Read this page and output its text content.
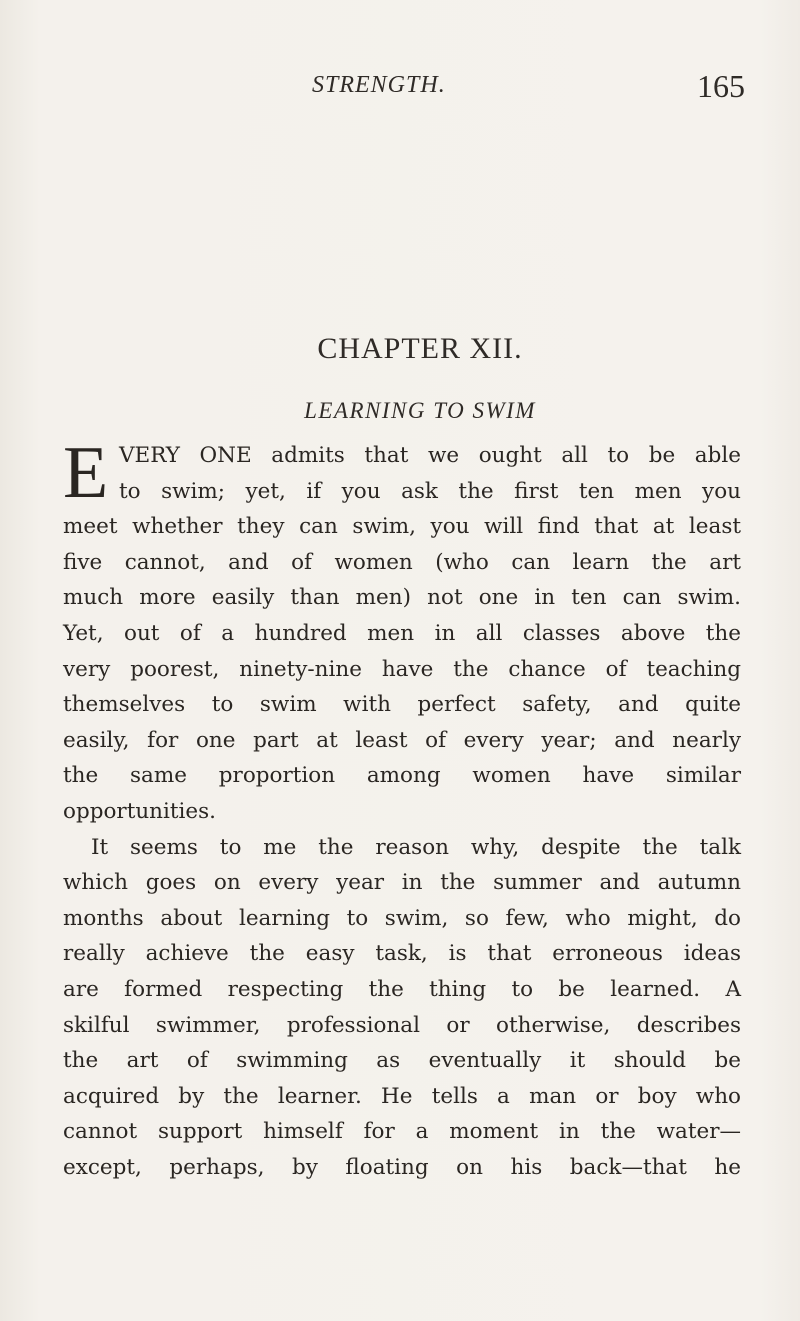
STRENGTH.	165
CHAPTER XII.
LEARNING TO SWIM
E VERY ONE admits that we ought all to be able
to swim; yet, if you ask the first ten men you
meet whether they can swim, you will find that at least
five cannot, and of women (who can learn the art
much more easily than men) not one in ten can swim.
Yet, out of a hundred men in all classes above the
very poorest, ninety-nine have the chance of teaching
themselves to swim with perfect safety, and quite
easily, for one part at least of every year; and nearly
the same proportion among women have similar
opportunities.
It seems to me the reason why, despite the talk
which goes on every year in the summer and autumn
months about learning to swim, so few, who might, do
really achieve the easy task, is that erroneous ideas
are formed respecting the thing to be learned. A
skilful swimmer, professional or otherwise, describes
the art of swimming as eventually it should be
acquired by the learner. He tells a man or boy who
cannot support himself for a moment in the water—
except, perhaps, by floating on his back—that he
